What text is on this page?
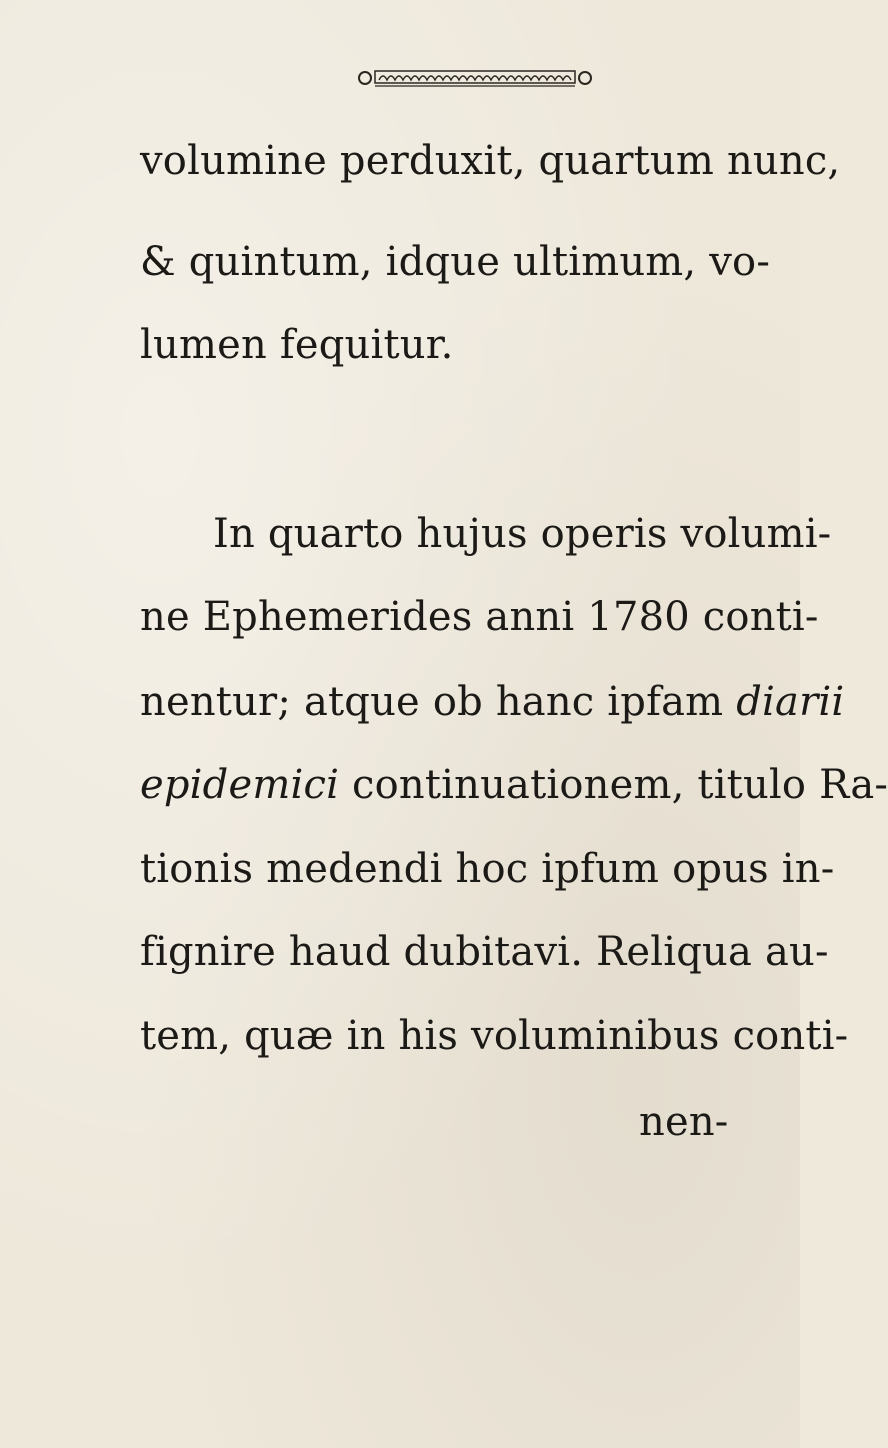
volumine perduxit, quartum nunc,
& quintum, idque ultimum, vo-
lumen fequitur.
In quarto hujus operis volumi-
ne Ephemerides anni 1780 conti-
nentur; atque ob hanc ipfam diarii
epidemici continuationem, titulo Ra-
tionis medendi hoc ipfum opus in-
fignire haud dubitavi. Reliqua au-
tem, quæ in his voluminibus conti-
nen-
